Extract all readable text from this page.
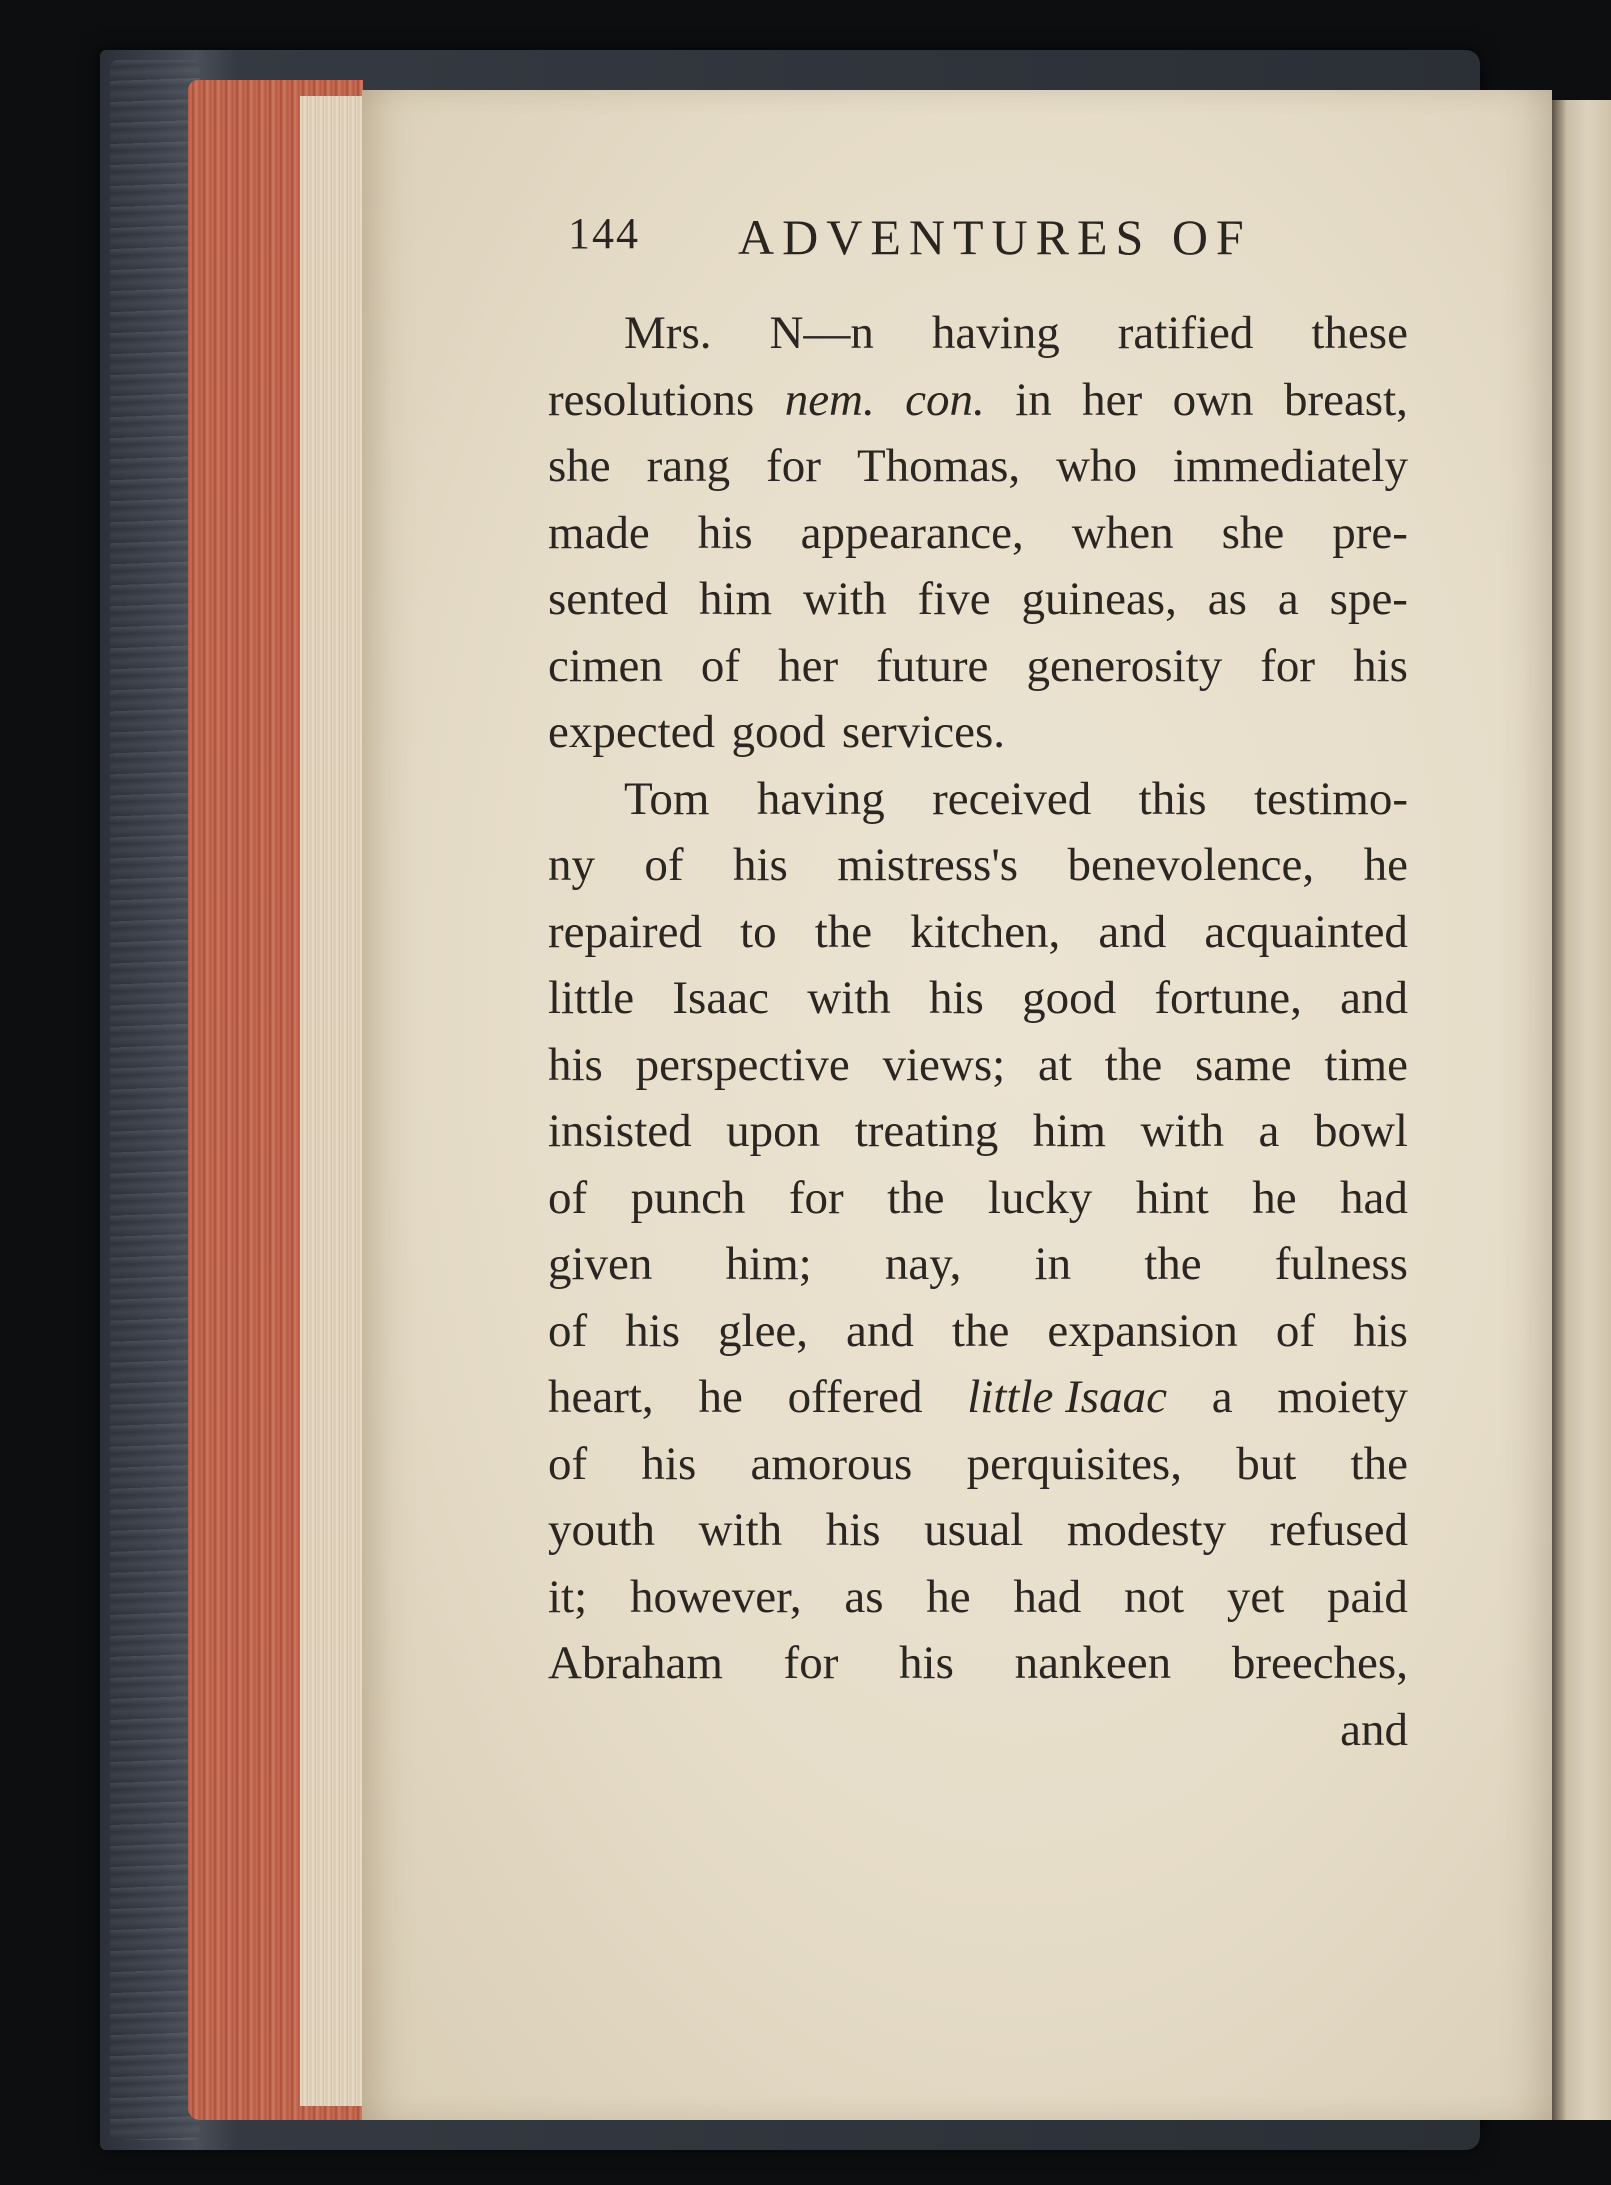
144 ADVENTURES OF
Mrs. N—n having ratified these
resolutions nem. con. in her own breast,
she rang for Thomas, who immediately
made his appearance, when she pre-
sented him with five guineas, as a spe-
cimen of her future generosity for his
expected good services.
Tom having received this testimo-
ny of his mistress's benevolence, he
repaired to the kitchen, and acquainted
little Isaac with his good fortune, and
his perspective views; at the same time
insisted upon treating him with a bowl
of punch for the lucky hint he had
given him; nay, in the fulness
of his glee, and the expansion of his
heart, he offered little Isaac a moiety
of his amorous perquisites, but the
youth with his usual modesty refused
it; however, as he had not yet paid
Abraham for his nankeen breeches,
and
